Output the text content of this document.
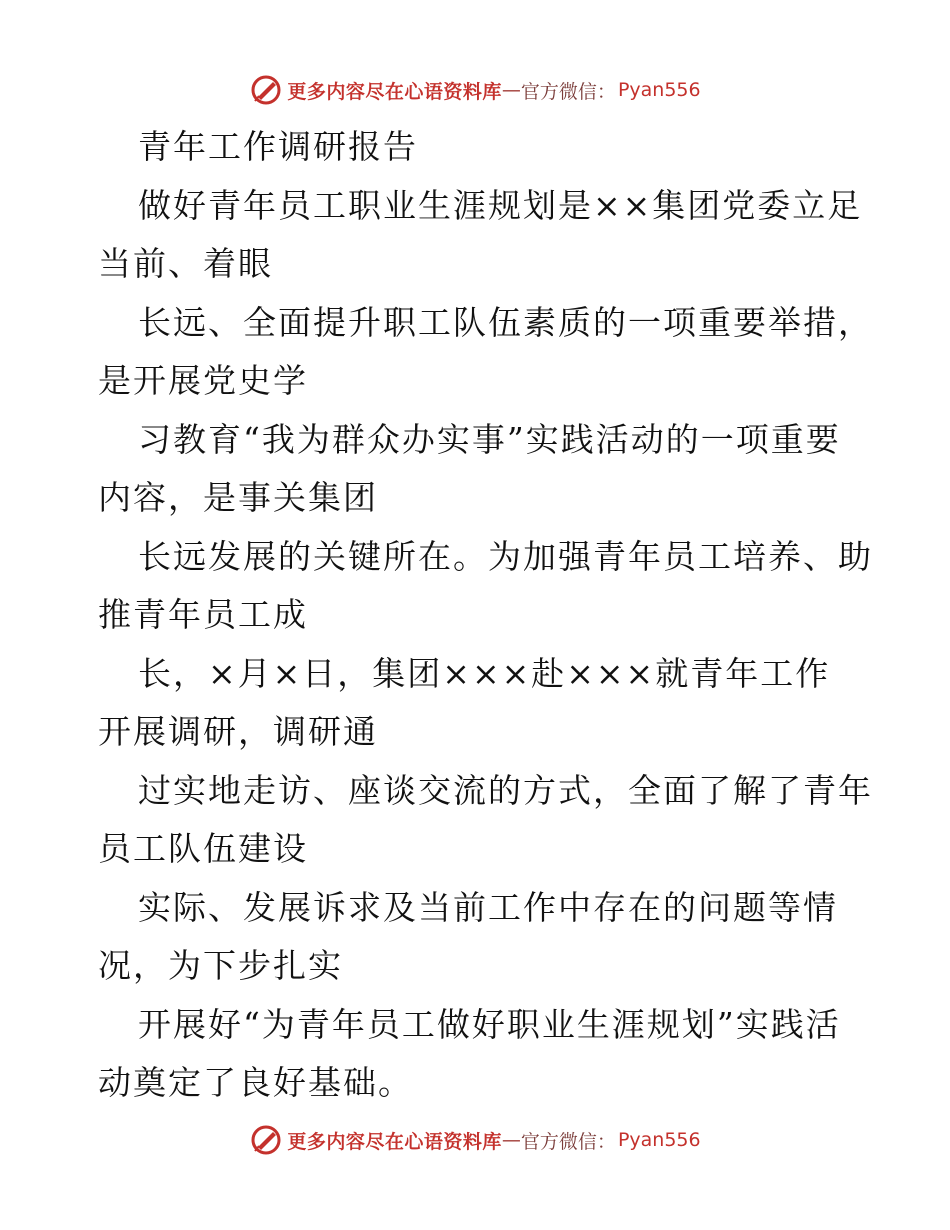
更多内容尽在心语资料库 — 官方微信： Pyan556
青年工作调研报告
做好青年员工职业生涯规划是××集团党委立足
当前、着眼
长远、全面提升职工队伍素质的一项重要举措，
是开展党史学
习教育“我为群众办实事”实践活动的一项重要
内容，是事关集团
长远发展的关键所在。为加强青年员工培养、助
推青年员工成
长，×月×日，集团×××赴×××就青年工作
开展调研，调研通
过实地走访、座谈交流的方式，全面了解了青年
员工队伍建设
实际、发展诉求及当前工作中存在的问题等情
况，为下步扎实
开展好“为青年员工做好职业生涯规划”实践活
动奠定了良好基础。
更多内容尽在心语资料库 — 官方微信： Pyan556
